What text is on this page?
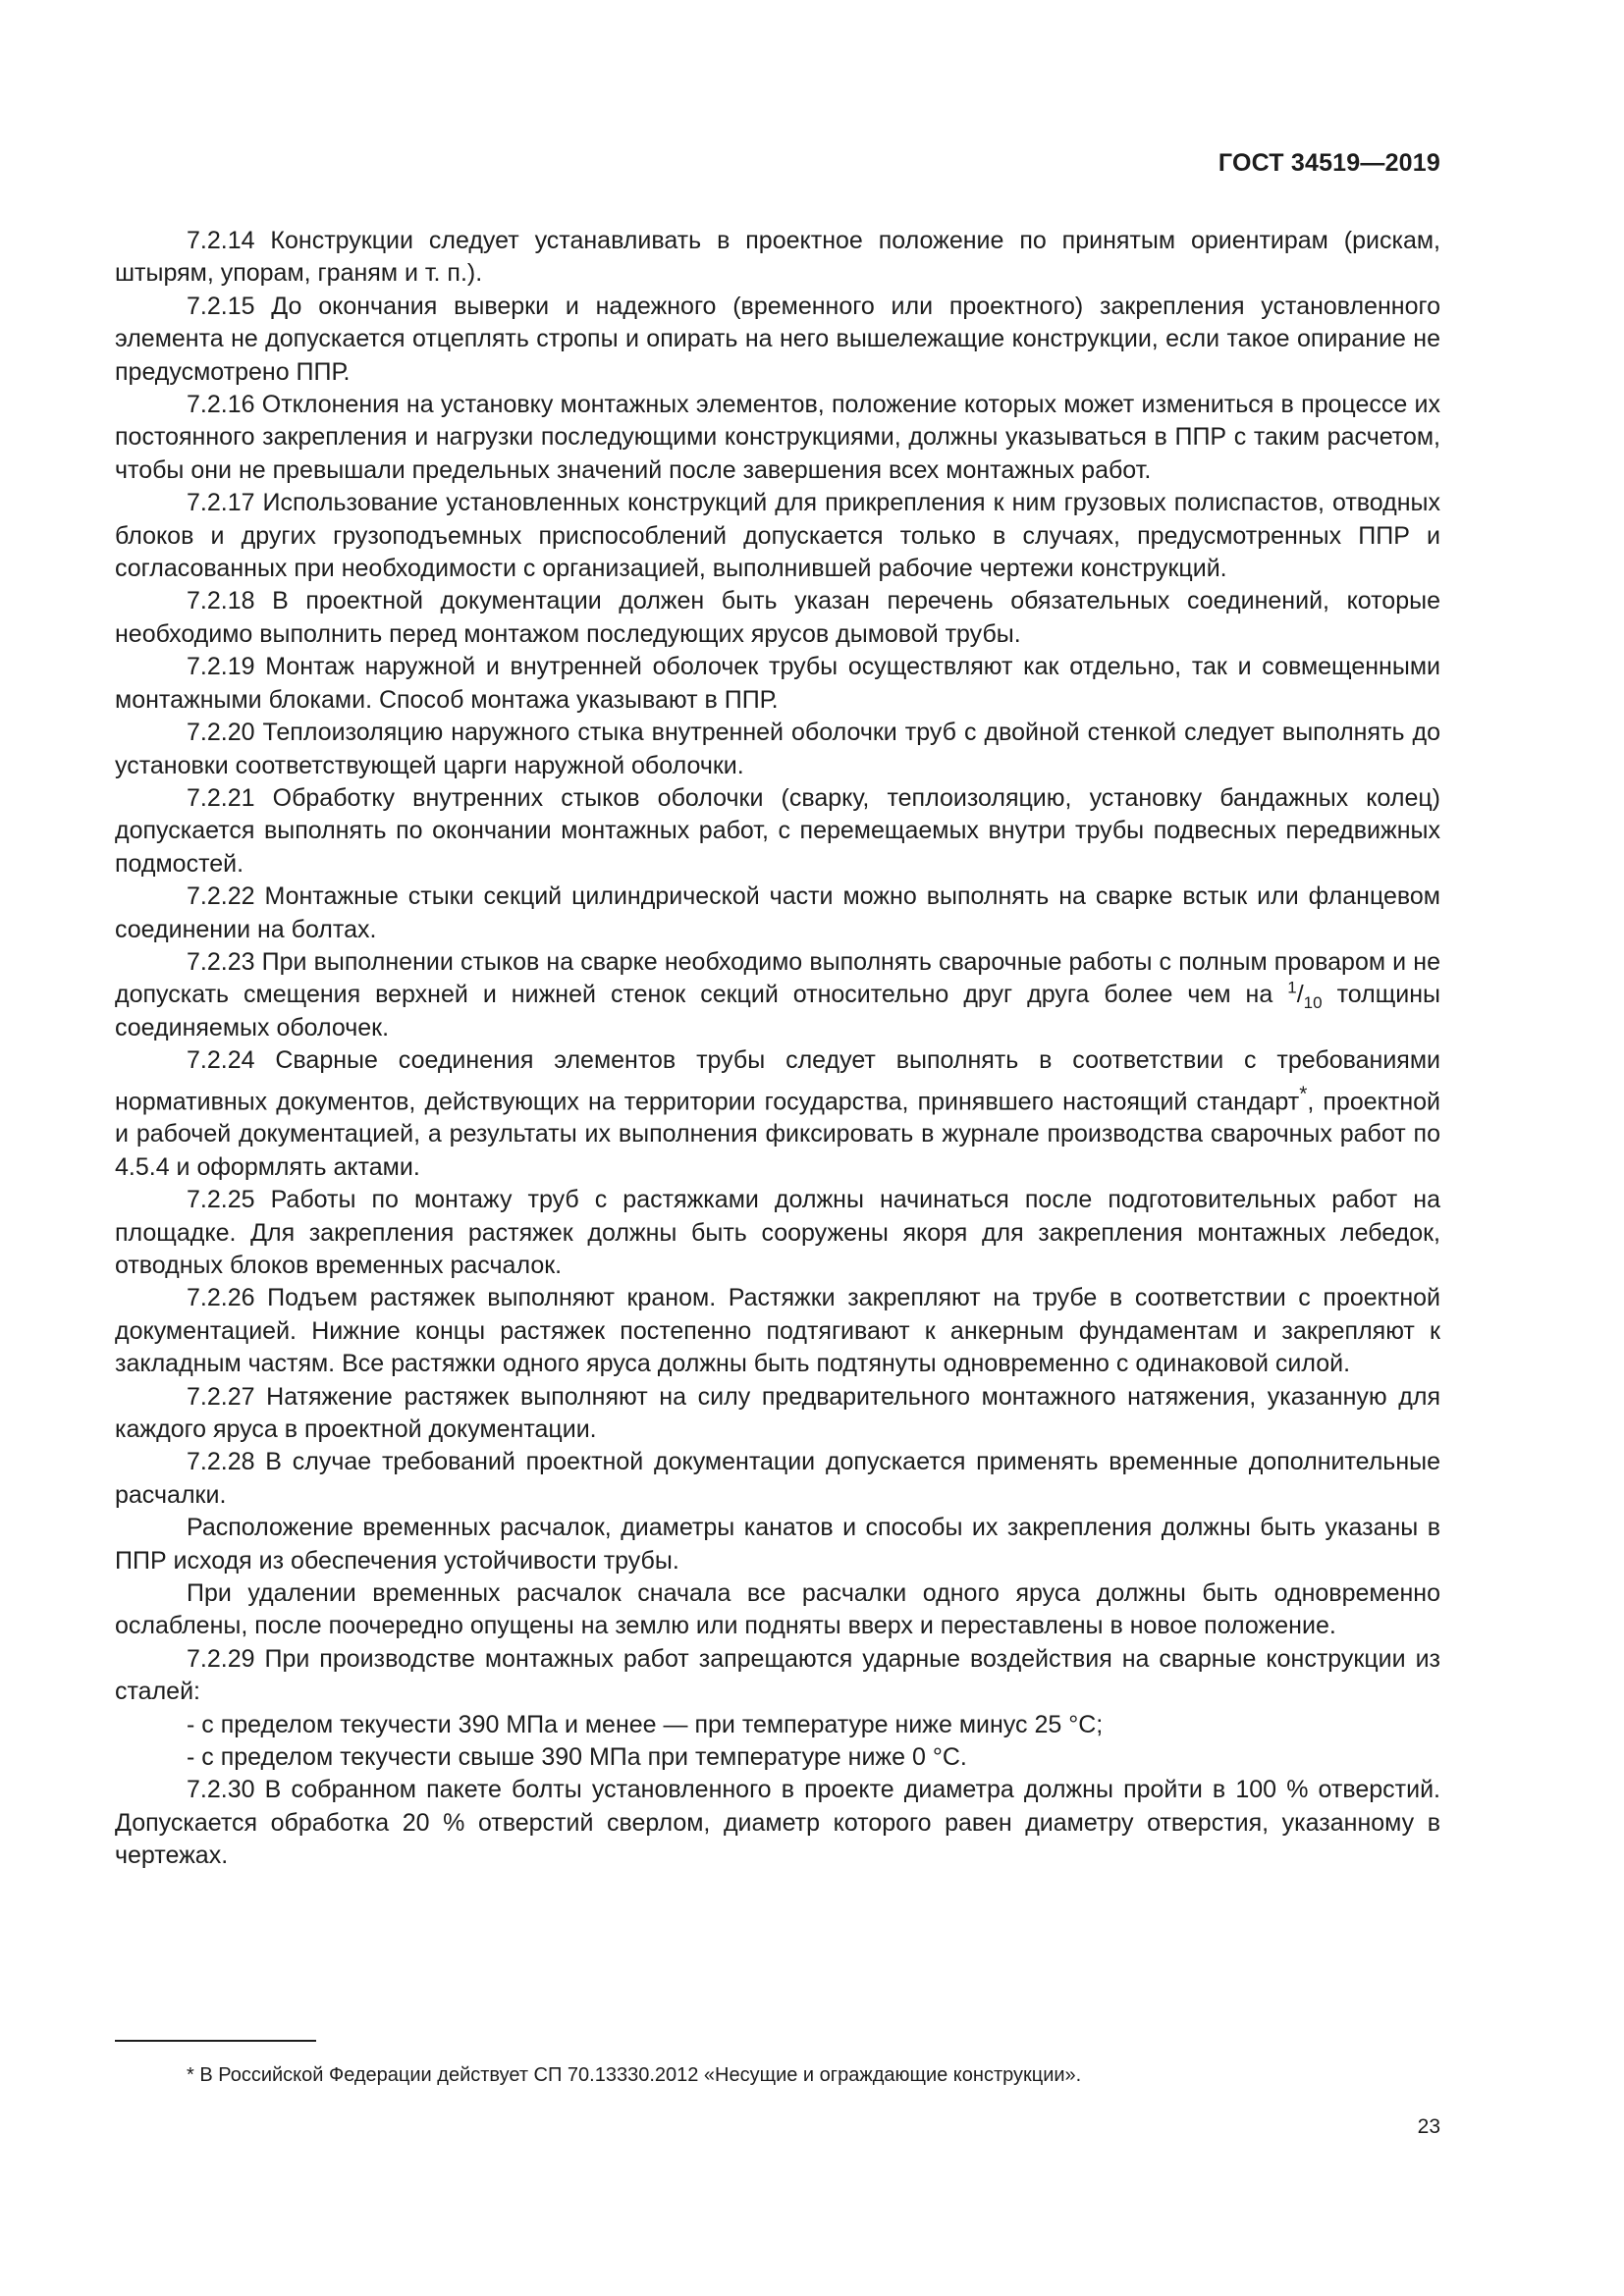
ГОСТ 34519—2019

7.2.14 Конструкции следует устанавливать в проектное положение по принятым ориентирам (рискам, штырям, упорам, граням и т. п.).

7.2.15 До окончания выверки и надежного (временного или проектного) закрепления установленного элемента не допускается отцеплять стропы и опирать на него вышележащие конструкции, если такое опирание не предусмотрено ППР.

7.2.16 Отклонения на установку монтажных элементов, положение которых может измениться в процессе их постоянного закрепления и нагрузки последующими конструкциями, должны указываться в ППР с таким расчетом, чтобы они не превышали предельных значений после завершения всех монтажных работ.

7.2.17 Использование установленных конструкций для прикрепления к ним грузовых полиспастов, отводных блоков и других грузоподъемных приспособлений допускается только в случаях, предусмотренных ППР и согласованных при необходимости с организацией, выполнившей рабочие чертежи конструкций.

7.2.18 В проектной документации должен быть указан перечень обязательных соединений, которые необходимо выполнить перед монтажом последующих ярусов дымовой трубы.

7.2.19 Монтаж наружной и внутренней оболочек трубы осуществляют как отдельно, так и совмещенными монтажными блоками. Способ монтажа указывают в ППР.

7.2.20 Теплоизоляцию наружного стыка внутренней оболочки труб с двойной стенкой следует выполнять до установки соответствующей царги наружной оболочки.

7.2.21 Обработку внутренних стыков оболочки (сварку, теплоизоляцию, установку бандажных колец) допускается выполнять по окончании монтажных работ, с перемещаемых внутри трубы подвесных передвижных подмостей.

7.2.22 Монтажные стыки секций цилиндрической части можно выполнять на сварке встык или фланцевом соединении на болтах.

7.2.23 При выполнении стыков на сварке необходимо выполнять сварочные работы с полным проваром и не допускать смещения верхней и нижней стенок секций относительно друг друга более чем на $^1/_{10}$ толщины соединяемых оболочек.

7.2.24 Сварные соединения элементов трубы следует выполнять в соответствии с требованиями нормативных документов, действующих на территории государства, принявшего настоящий стандарт*, проектной и рабочей документацией, а результаты их выполнения фиксировать в журнале производства сварочных работ по 4.5.4 и оформлять актами.

7.2.25 Работы по монтажу труб с растяжками должны начинаться после подготовительных работ на площадке. Для закрепления растяжек должны быть сооружены якоря для закрепления монтажных лебедок, отводных блоков временных расчалок.

7.2.26 Подъем растяжек выполняют краном. Растяжки закрепляют на трубе в соответствии с проектной документацией. Нижние концы растяжек постепенно подтягивают к анкерным фундаментам и закрепляют к закладным частям. Все растяжки одного яруса должны быть подтянуты одновременно с одинаковой силой.

7.2.27 Натяжение растяжек выполняют на силу предварительного монтажного натяжения, указанную для каждого яруса в проектной документации.

7.2.28 В случае требований проектной документации допускается применять временные дополнительные расчалки.

Расположение временных расчалок, диаметры канатов и способы их закрепления должны быть указаны в ППР исходя из обеспечения устойчивости трубы.

При удалении временных расчалок сначала все расчалки одного яруса должны быть одновременно ослаблены, после поочередно опущены на землю или подняты вверх и переставлены в новое положение.

7.2.29 При производстве монтажных работ запрещаются ударные воздействия на сварные конструкции из сталей:

- с пределом текучести 390 МПа и менее — при температуре ниже минус 25 °С;

- с пределом текучести свыше 390 МПа при температуре ниже 0 °С.

7.2.30 В собранном пакете болты установленного в проекте диаметра должны пройти в 100 % отверстий. Допускается обработка 20 % отверстий сверлом, диаметр которого равен диаметру отверстия, указанному в чертежах.

* В Российской Федерации действует СП 70.13330.2012 «Несущие и ограждающие конструкции».
23
